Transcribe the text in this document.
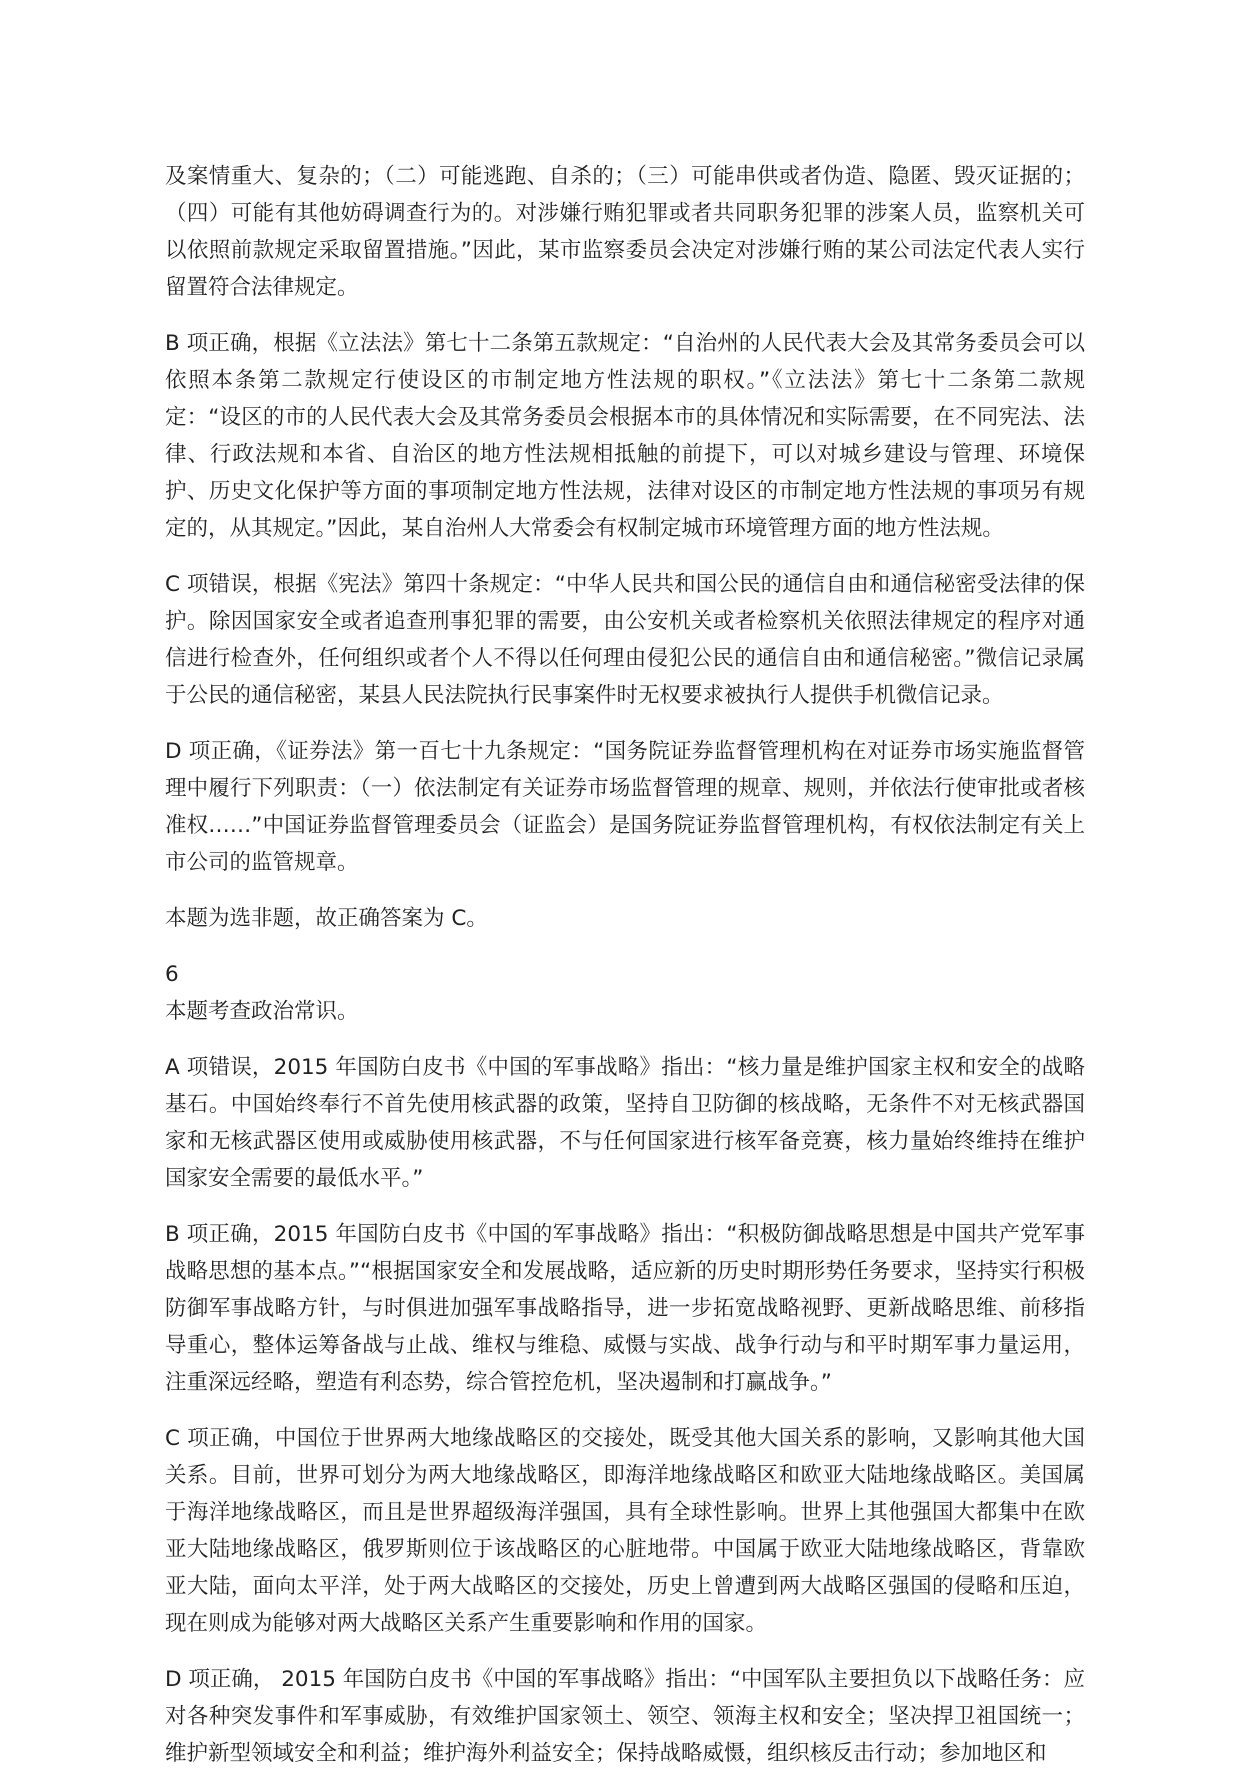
及案情重大、复杂的；（二）可能逃跑、自杀的；（三）可能串供或者伪造、隐匿、毁灭证据的；（四）可能有其他妨碍调查行为的。对涉嫌行贿犯罪或者共同职务犯罪的涉案人员，监察机关可以依照前款规定采取留置措施。”因此，某市监察委员会决定对涉嫌行贿的某公司法定代表人实行留置符合法律规定。

B 项正确，根据《立法法》第七十二条第五款规定：“自治州的人民代表大会及其常务委员会可以依照本条第二款规定行使设区的市制定地方性法规的职权。”《立法法》第七十二条第二款规定：“设区的市的人民代表大会及其常务委员会根据本市的具体情况和实际需要，在不同宪法、法律、行政法规和本省、自治区的地方性法规相抵触的前提下，可以对城乡建设与管理、环境保护、历史文化保护等方面的事项制定地方性法规，法律对设区的市制定地方性法规的事项另有规定的，从其规定。”因此，某自治州人大常委会有权制定城市环境管理方面的地方性法规。

C 项错误，根据《宪法》第四十条规定：“中华人民共和国公民的通信自由和通信秘密受法律的保护。除因国家安全或者追查刑事犯罪的需要，由公安机关或者检察机关依照法律规定的程序对通信进行检查外，任何组织或者个人不得以任何理由侵犯公民的通信自由和通信秘密。”微信记录属于公民的通信秘密，某县人民法院执行民事案件时无权要求被执行人提供手机微信记录。

D 项正确，《证券法》第一百七十九条规定：“国务院证券监督管理机构在对证券市场实施监督管理中履行下列职责：（一）依法制定有关证券市场监督管理的规章、规则，并依法行使审批或者核准权……”中国证券监督管理委员会（证监会）是国务院证券监督管理机构，有权依法制定有关上市公司的监管规章。

本题为选非题，故正确答案为 C。

6

本题考查政治常识。

A 项错误，2015 年国防白皮书《中国的军事战略》指出：“核力量是维护国家主权和安全的战略基石。中国始终奉行不首先使用核武器的政策，坚持自卫防御的核战略，无条件不对无核武器国家和无核武器区使用或威胁使用核武器，不与任何国家进行核军备竞赛，核力量始终维持在维护国家安全需要的最低水平。”

B 项正确，2015 年国防白皮书《中国的军事战略》指出：“积极防御战略思想是中国共产党军事战略思想的基本点。”“根据国家安全和发展战略，适应新的历史时期形势任务要求，坚持实行积极防御军事战略方针，与时俱进加强军事战略指导，进一步拓宽战略视野、更新战略思维、前移指导重心，整体运筹备战与止战、维权与维稳、威慑与实战、战争行动与和平时期军事力量运用，注重深远经略，塑造有利态势，综合管控危机，坚决遏制和打赢战争。”

C 项正确，中国位于世界两大地缘战略区的交接处，既受其他大国关系的影响，又影响其他大国关系。目前，世界可划分为两大地缘战略区，即海洋地缘战略区和欧亚大陆地缘战略区。美国属于海洋地缘战略区，而且是世界超级海洋强国，具有全球性影响。世界上其他强国大都集中在欧亚大陆地缘战略区，俄罗斯则位于该战略区的心脏地带。中国属于欧亚大陆地缘战略区，背靠欧亚大陆，面向太平洋，处于两大战略区的交接处，历史上曾遭到两大战略区强国的侵略和压迫，现在则成为能够对两大战略区关系产生重要影响和作用的国家。

D 项正确， 2015 年国防白皮书《中国的军事战略》指出：“中国军队主要担负以下战略任务：应对各种突发事件和军事威胁，有效维护国家领土、领空、领海主权和安全；坚决捍卫祖国统一；维护新型领域安全和利益；维护海外利益安全；保持战略威慑，组织核反击行动；参加地区和
